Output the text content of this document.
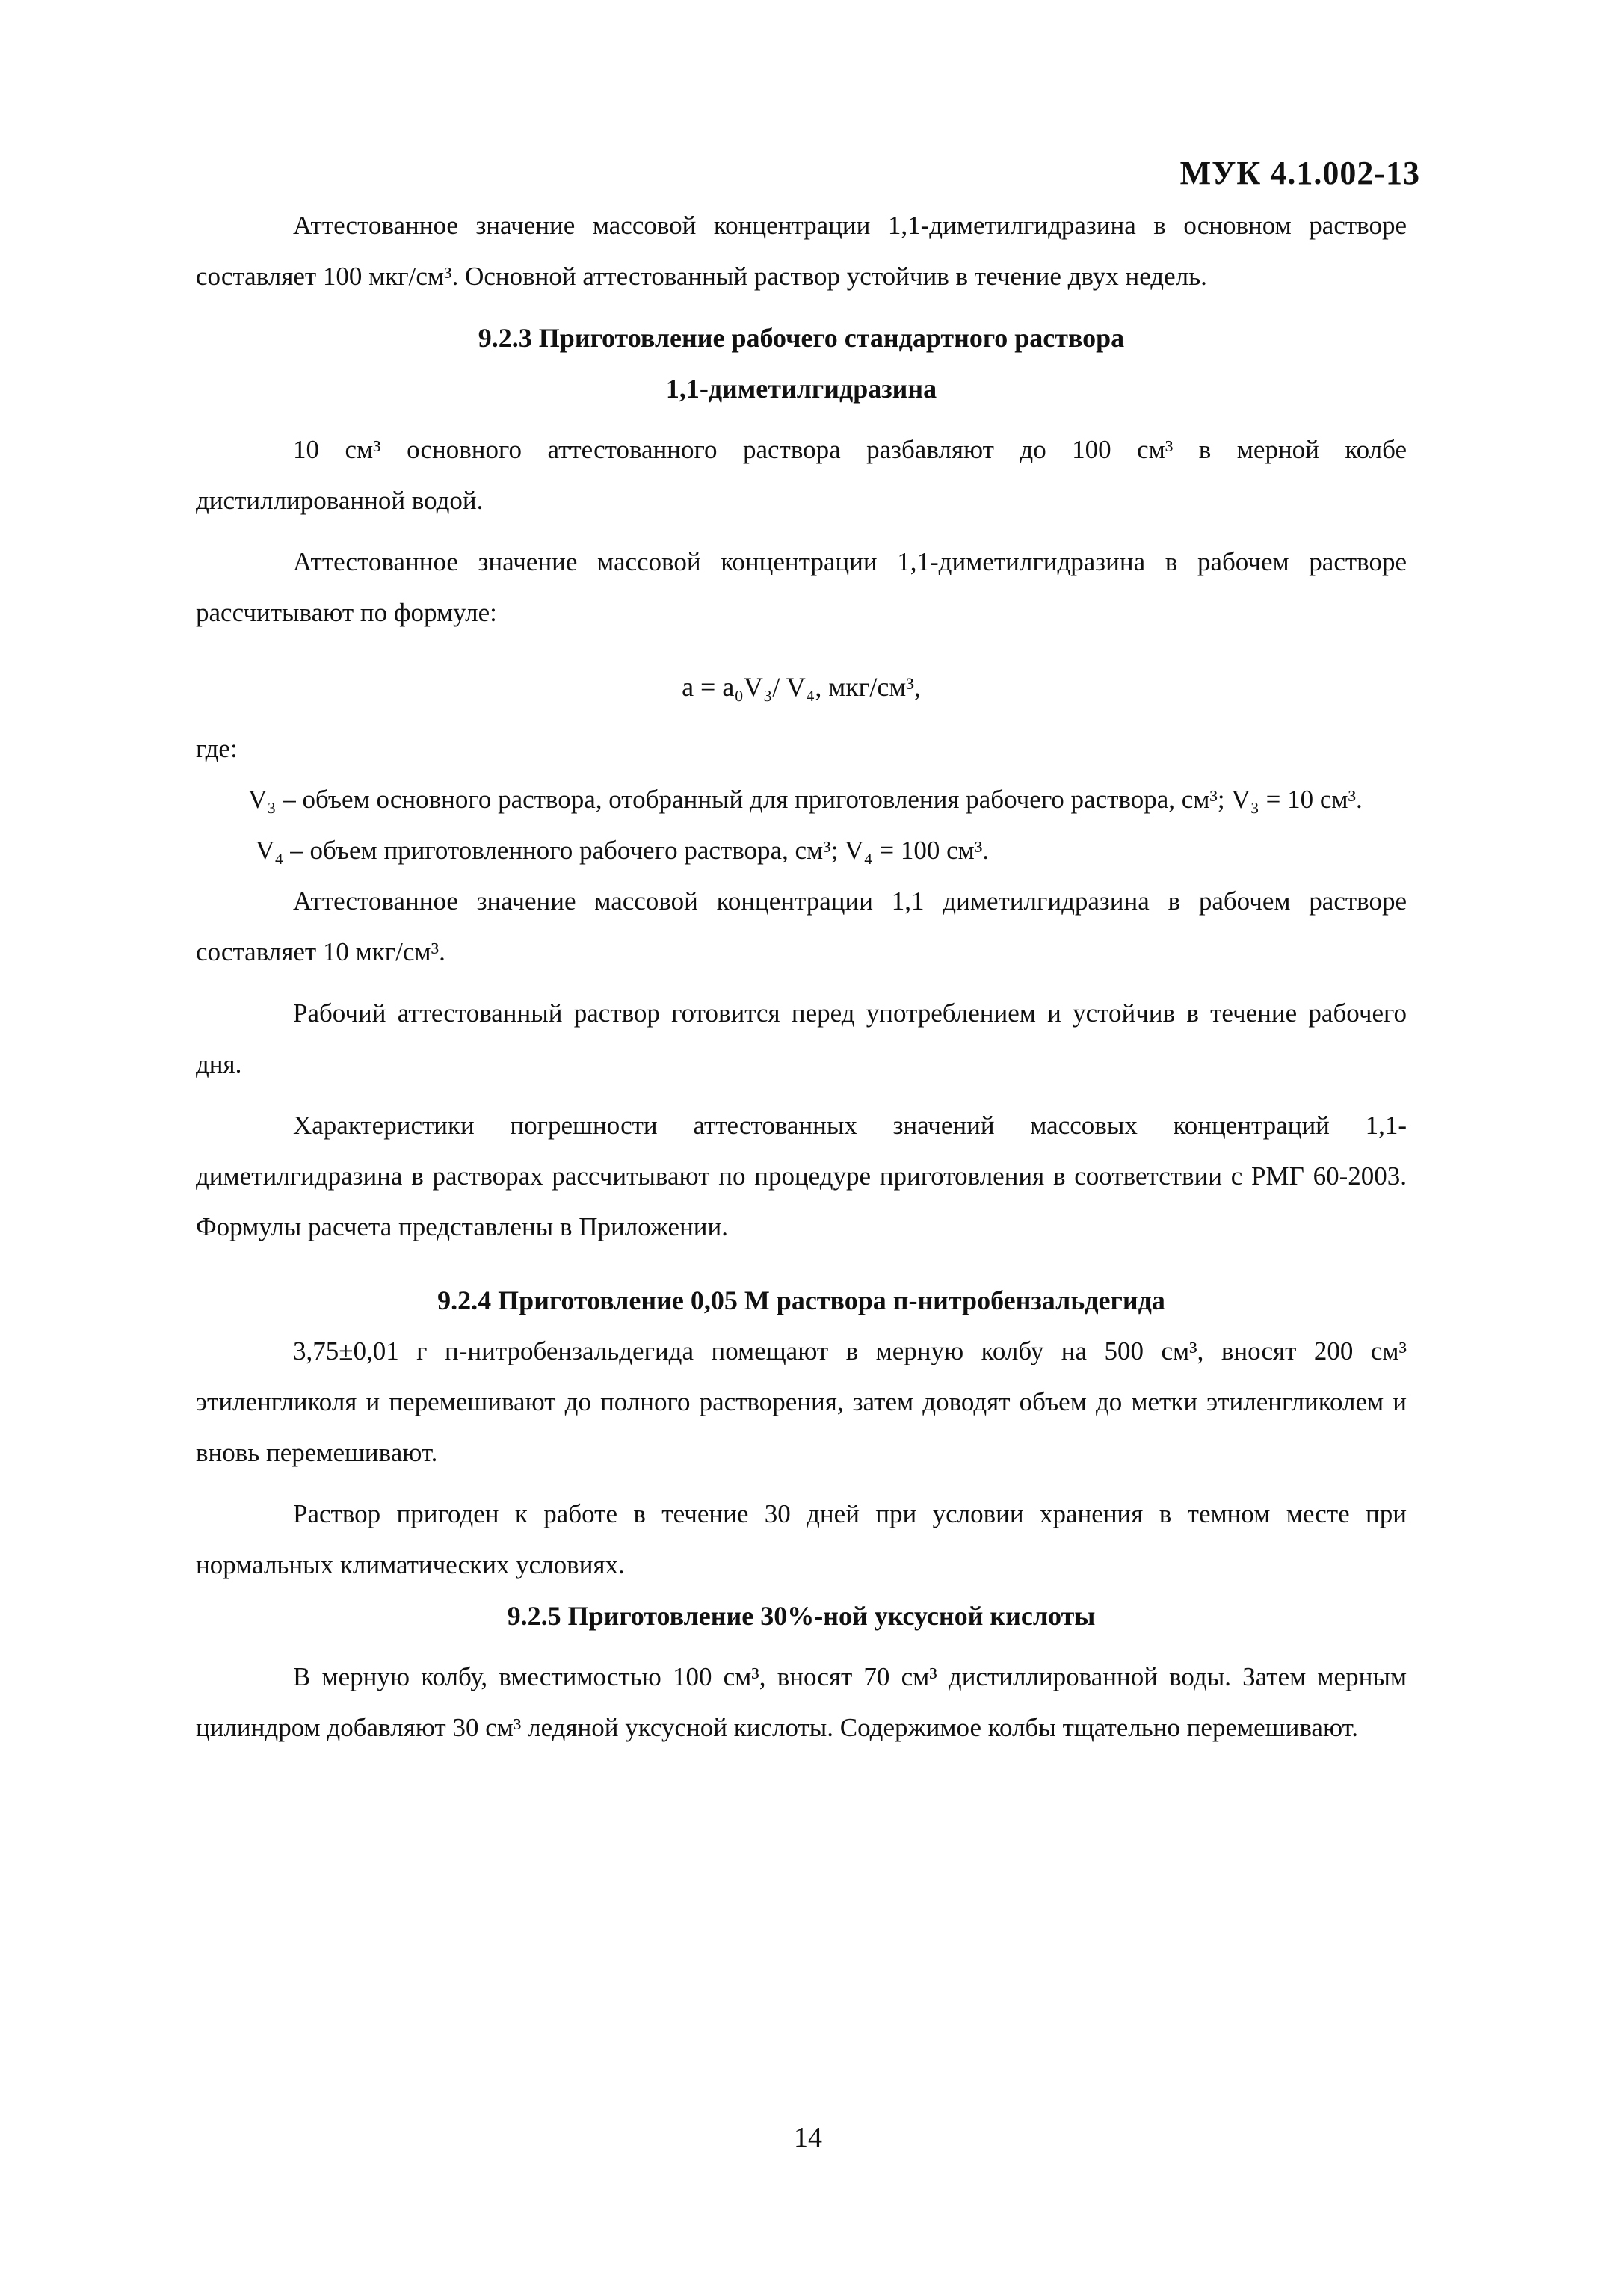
МУК 4.1.002-13

Аттестованное значение массовой концентрации 1,1-диметилгидразина в основном растворе составляет 100 мкг/см³. Основной аттестованный раствор устойчив в течение двух недель.

9.2.3 Приготовление рабочего стандартного раствора

1,1-диметилгидразина

10 см³ основного аттестованного раствора разбавляют до 100 см³ в мерной колбе дистиллированной водой.

Аттестованное значение массовой концентрации 1,1-диметилгидразина в рабочем растворе рассчитывают по формуле:

a = a₀V₃/ V₄, мкг/см³,

где:

V₃ – объем основного раствора, отобранный для приготовления рабочего раствора, см³; V₃ = 10 см³.

V₄ – объем приготовленного рабочего раствора, см³; V₄ = 100 см³.

Аттестованное значение массовой концентрации 1,1 диметилгидразина в рабочем растворе составляет 10 мкг/см³.

Рабочий аттестованный раствор готовится перед употреблением и устойчив в течение рабочего дня.

Характеристики погрешности аттестованных значений массовых концентраций 1,1-диметилгидразина в растворах рассчитывают по процедуре приготовления в соответствии с РМГ 60-2003. Формулы расчета представлены в Приложении.

9.2.4 Приготовление 0,05 М раствора п-нитробензальдегида

3,75±0,01 г п-нитробензальдегида помещают в мерную колбу на 500 см³, вносят 200 см³ этиленгликоля и перемешивают до полного растворения, затем доводят объем до метки этиленгликолем и вновь перемешивают.

Раствор пригоден к работе в течение 30 дней при условии хранения в темном месте при нормальных климатических условиях.

9.2.5 Приготовление 30%-ной уксусной кислоты

В мерную колбу, вместимостью 100 см³, вносят 70 см³ дистиллированной воды. Затем мерным цилиндром добавляют 30 см³ ледяной уксусной кислоты. Содержимое колбы тщательно перемешивают.

14
